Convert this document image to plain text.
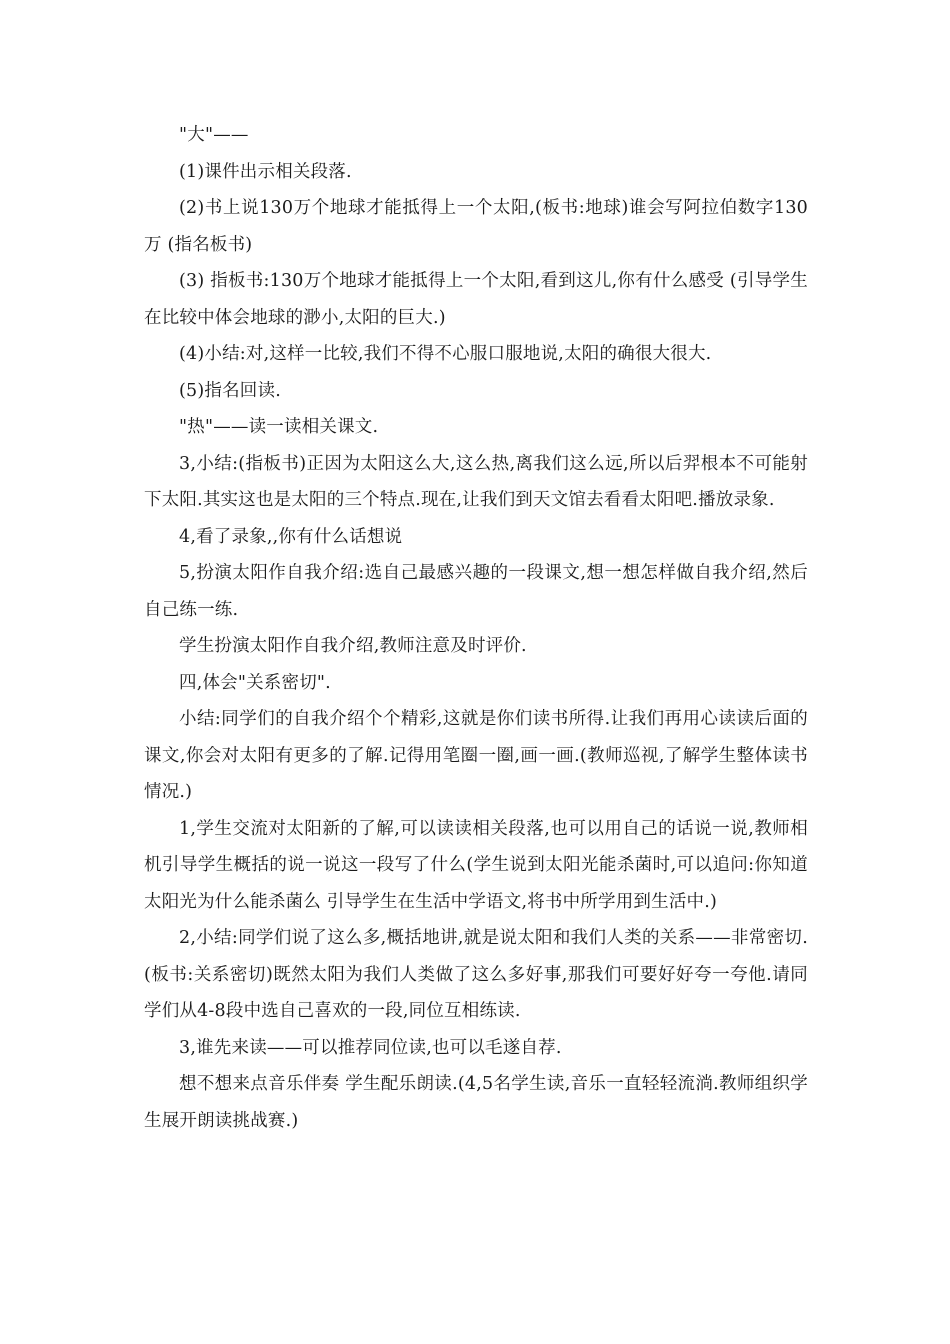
"大"——

(1)课件出示相关段落.

(2)书上说130万个地球才能抵得上一个太阳,(板书:地球)谁会写阿拉伯数字130万 (指名板书)

(3) 指板书:130万个地球才能抵得上一个太阳,看到这儿,你有什么感受 (引导学生在比较中体会地球的渺小,太阳的巨大.)

(4)小结:对,这样一比较,我们不得不心服口服地说,太阳的确很大很大.

(5)指名回读.

"热"——读一读相关课文.

3,小结:(指板书)正因为太阳这么大,这么热,离我们这么远,所以后羿根本不可能射下太阳.其实这也是太阳的三个特点.现在,让我们到天文馆去看看太阳吧.播放录象.

4,看了录象,,你有什么话想说

5,扮演太阳作自我介绍:选自己最感兴趣的一段课文,想一想怎样做自我介绍,然后自己练一练.

学生扮演太阳作自我介绍,教师注意及时评价.

四,体会"关系密切".

小结:同学们的自我介绍个个精彩,这就是你们读书所得.让我们再用心读读后面的课文,你会对太阳有更多的了解.记得用笔圈一圈,画一画.(教师巡视,了解学生整体读书情况.)

1,学生交流对太阳新的了解,可以读读相关段落,也可以用自己的话说一说,教师相机引导学生概括的说一说这一段写了什么(学生说到太阳光能杀菌时,可以追问:你知道太阳光为什么能杀菌么 引导学生在生活中学语文,将书中所学用到生活中.)

2,小结:同学们说了这么多,概括地讲,就是说太阳和我们人类的关系——非常密切.(板书:关系密切)既然太阳为我们人类做了这么多好事,那我们可要好好夸一夸他.请同学们从4-8段中选自己喜欢的一段,同位互相练读.

3,谁先来读——可以推荐同位读,也可以毛遂自荐.

想不想来点音乐伴奏 学生配乐朗读.(4,5名学生读,音乐一直轻轻流淌.教师组织学生展开朗读挑战赛.)
